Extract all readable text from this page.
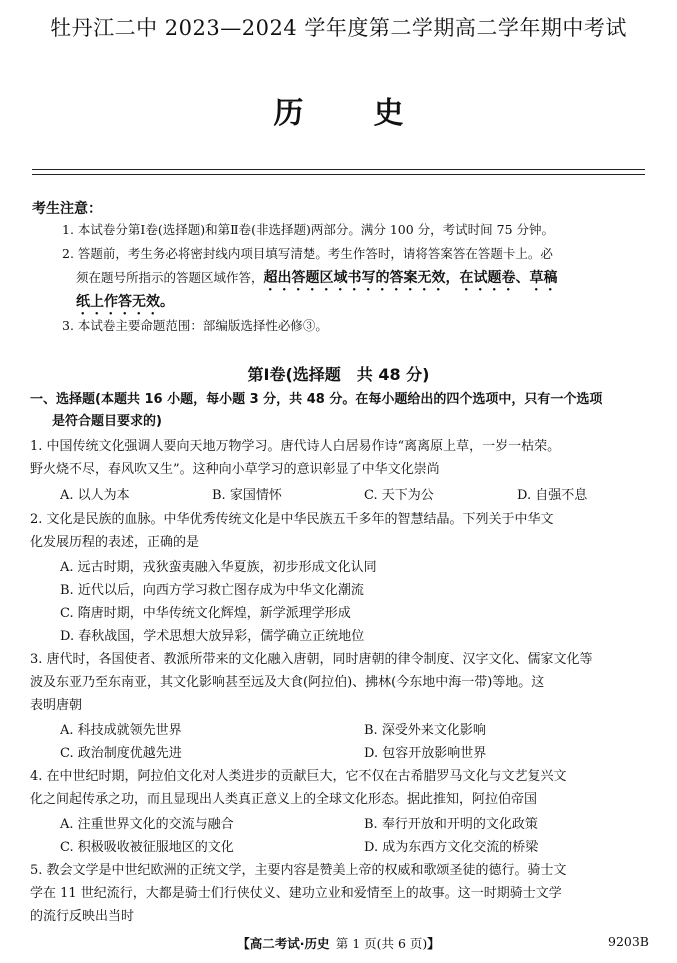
牡丹江二中 2023—2024 学年度第二学期高二学年期中考试
历史
考生注意：
1. 本试卷分第Ⅰ卷(选择题)和第Ⅱ卷(非选择题)两部分。满分 100 分，考试时间 75 分钟。
2. 答题前，考生务必将密封线内项目填写清楚。考生作答时，请将答案答在答题卡上。必
须在题号所指示的答题区域作答，超出答题区域书写的答案无效，在试题卷、草稿
纸上作答无效。
3. 本试卷主要命题范围：部编版选择性必修③。
第Ⅰ卷(选择题　共 48 分)
一、选择题(本题共 16 小题，每小题 3 分，共 48 分。在每小题给出的四个选项中，只有一个选项
是符合题目要求的)
1. 中国传统文化强调人要向天地万物学习。唐代诗人白居易作诗“离离原上草，一岁一枯荣。
野火烧不尽，春风吹又生”。这种向小草学习的意识彰显了中华文化崇尚
A. 以人为本	B. 家国情怀	C. 天下为公	D. 自强不息
2. 文化是民族的血脉。中华优秀传统文化是中华民族五千多年的智慧结晶。下列关于中华文
化发展历程的表述，正确的是
A. 远古时期，戎狄蛮夷融入华夏族，初步形成文化认同
B. 近代以后，向西方学习救亡图存成为中华文化潮流
C. 隋唐时期，中华传统文化辉煌，新学派理学形成
D. 春秋战国，学术思想大放异彩，儒学确立正统地位
3. 唐代时，各国使者、教派所带来的文化融入唐朝，同时唐朝的律令制度、汉字文化、儒家文化等
波及东亚乃至东南亚，其文化影响甚至远及大食(阿拉伯)、拂林(今东地中海一带)等地。这
表明唐朝
A. 科技成就领先世界	B. 深受外来文化影响
C. 政治制度优越先进	D. 包容开放影响世界
4. 在中世纪时期，阿拉伯文化对人类进步的贡献巨大，它不仅在古希腊罗马文化与文艺复兴文
化之间起传承之功，而且显现出人类真正意义上的全球文化形态。据此推知，阿拉伯帝国
A. 注重世界文化的交流与融合	B. 奉行开放和开明的文化政策
C. 积极吸收被征服地区的文化	D. 成为东西方文化交流的桥梁
5. 教会文学是中世纪欧洲的正统文学，主要内容是赞美上帝的权威和歌颂圣徒的德行。骑士文
学在 11 世纪流行，大都是骑士们行侠仗义、建功立业和爱情至上的故事。这一时期骑士文学
的流行反映出当时
【高二考试·历史  第 1 页(共 6 页)】	9203B
